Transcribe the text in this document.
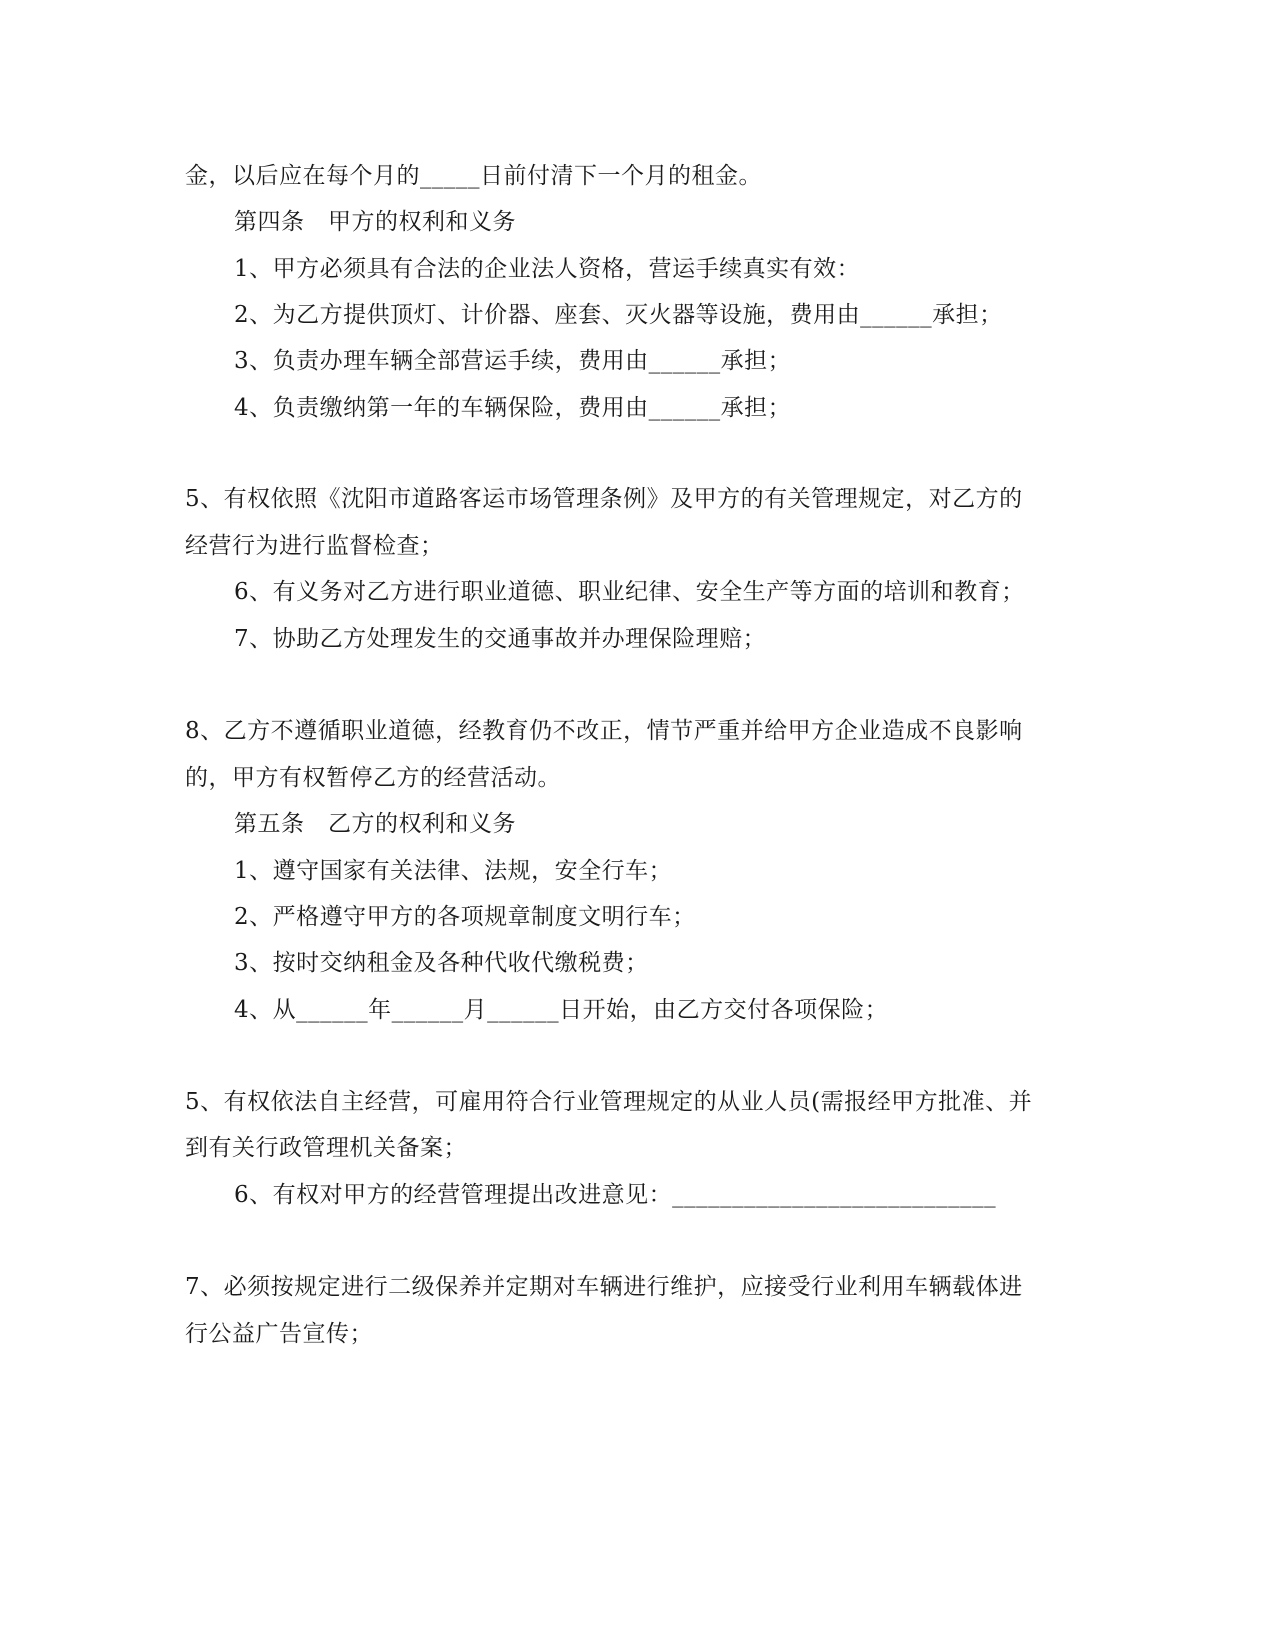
金，以后应在每个月的_____日前付清下一个月的租金。
第四条　甲方的权利和义务
1、甲方必须具有合法的企业法人资格，营运手续真实有效：
2、为乙方提供顶灯、计价器、座套、灭火器等设施，费用由______承担；
3、负责办理车辆全部营运手续，费用由______承担；
4、负责缴纳第一年的车辆保险，费用由______承担；
5、有权依照《沈阳市道路客运市场管理条例》及甲方的有关管理规定，对乙方的
经营行为进行监督检查；
6、有义务对乙方进行职业道德、职业纪律、安全生产等方面的培训和教育；
7、协助乙方处理发生的交通事故并办理保险理赔；
8、乙方不遵循职业道德，经教育仍不改正，情节严重并给甲方企业造成不良影响
的，甲方有权暂停乙方的经营活动。
第五条　乙方的权利和义务
1、遵守国家有关法律、法规，安全行车；
2、严格遵守甲方的各项规章制度文明行车；
3、按时交纳租金及各种代收代缴税费；
4、从______年______月______日开始，由乙方交付各项保险；
5、有权依法自主经营，可雇用符合行业管理规定的从业人员(需报经甲方批准、并
到有关行政管理机关备案；
6、有权对甲方的经营管理提出改进意见：___________________________
7、必须按规定进行二级保养并定期对车辆进行维护，应接受行业利用车辆载体进
行公益广告宣传；
